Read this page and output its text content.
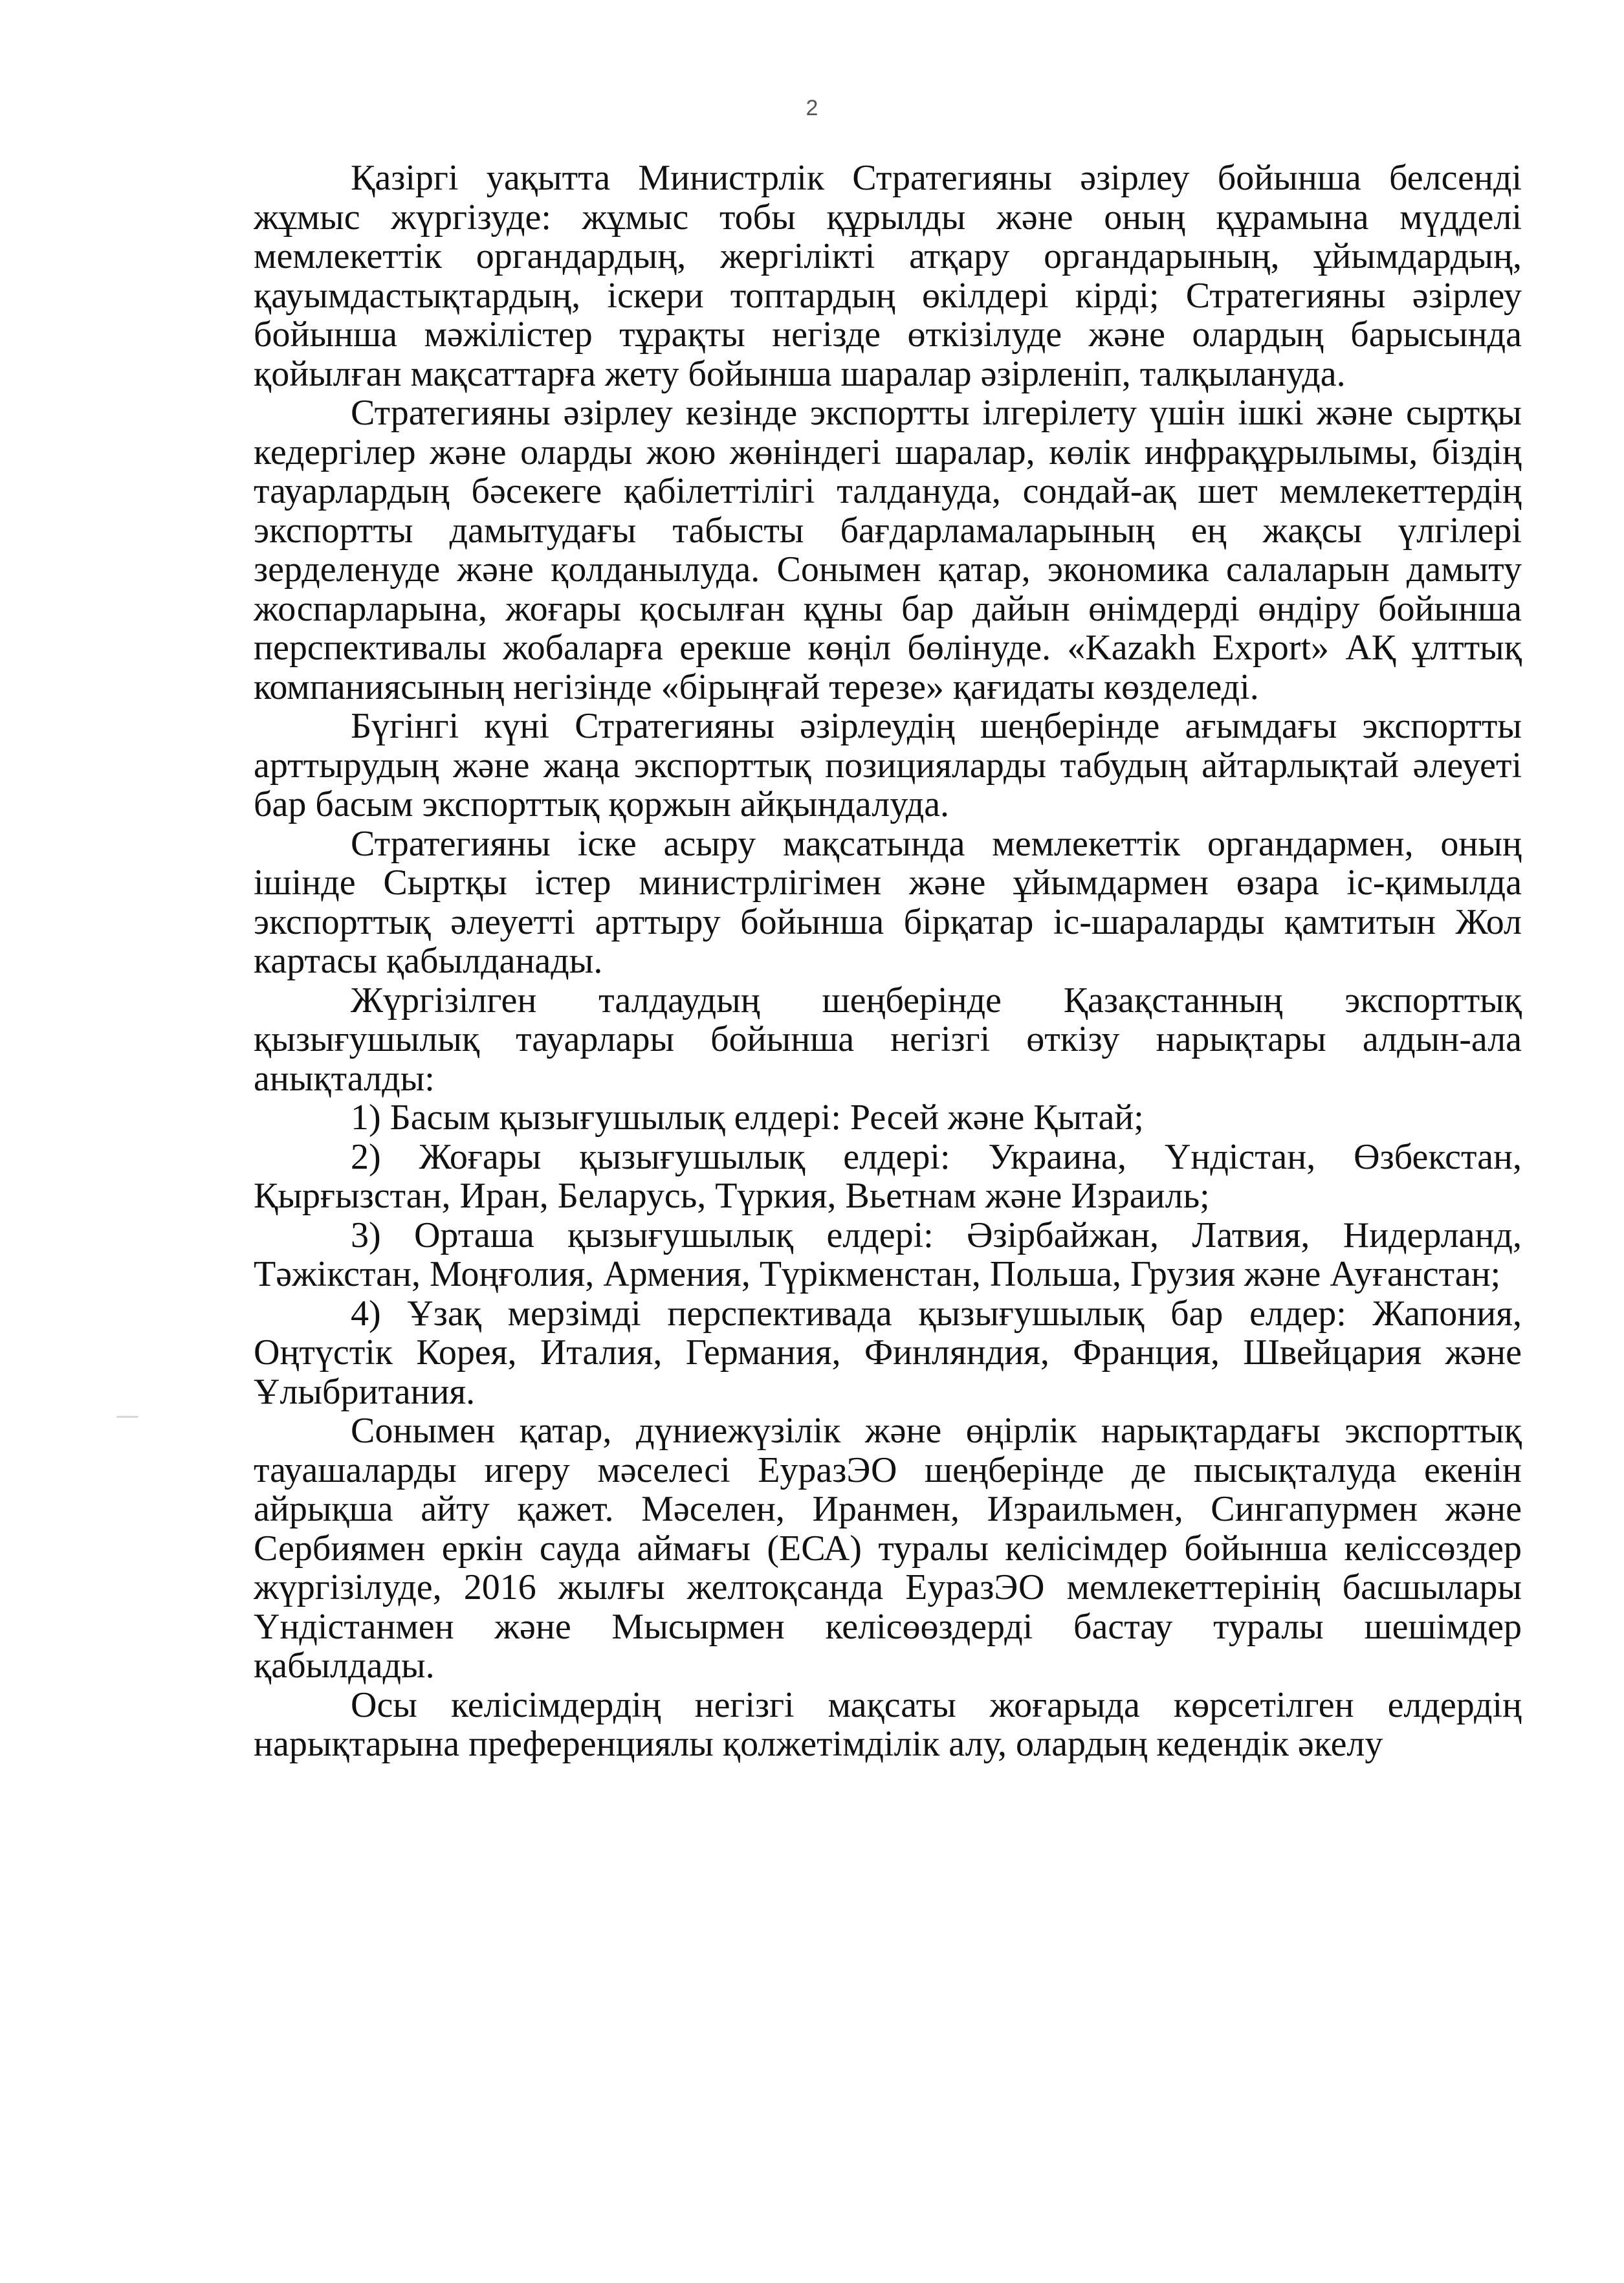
2

Қазіргі уақытта Министрлік Стратегияны әзірлеу бойынша белсенді жұмыс жүргізуде: жұмыс тобы құрылды және оның құрамына мүдделі мемлекеттік органдардың, жергілікті атқару органдарының, ұйымдардың, қауымдастықтардың, іскери топтардың өкілдері кірді; Стратегияны әзірлеу бойынша мәжілістер тұрақты негізде өткізілуде және олардың барысында қойылған мақсаттарға жету бойынша шаралар әзірленіп, талқылануда.

Стратегияны әзірлеу кезінде экспортты ілгерілету үшін ішкі және сыртқы кедергілер және оларды жою жөніндегі шаралар, көлік инфрақұрылымы, біздің тауарлардың бәсекеге қабілеттілігі талдануда, сондай-ақ шет мемлекеттердің экспортты дамытудағы табысты бағдарламаларының ең жақсы үлгілері зерделенуде және қолданылуда. Сонымен қатар, экономика салаларын дамыту жоспарларына, жоғары қосылған құны бар дайын өнімдерді өндіру бойынша перспективалы жобаларға ерекше көңіл бөлінуде. «Kazakh Export» АҚ ұлттық компаниясының негізінде «бірыңғай терезе» қағидаты көзделеді.

Бүгінгі күні Стратегияны әзірлеудің шеңберінде ағымдағы экспортты арттырудың және жаңа экспорттық позицияларды табудың айтарлықтай әлеуеті бар басым экспорттық қоржын айқындалуда.

Стратегияны іске асыру мақсатында мемлекеттік органдармен, оның ішінде Сыртқы істер министрлігімен және ұйымдармен өзара іс-қимылда экспорттық әлеуетті арттыру бойынша бірқатар іс-шараларды қамтитын Жол картасы қабылданады.

Жүргізілген талдаудың шеңберінде Қазақстанның экспорттық қызығушылық тауарлары бойынша негізгі өткізу нарықтары алдын-ала анықталды:

1) Басым қызығушылық елдері: Ресей және Қытай;

2) Жоғары қызығушылық елдері: Украина, Үндістан, Өзбекстан, Қырғызстан, Иран, Беларусь, Түркия, Вьетнам және Израиль;

3) Орташа қызығушылық елдері: Әзірбайжан, Латвия, Нидерланд, Тәжікстан, Моңғолия, Армения, Түрікменстан, Польша, Грузия және Ауғанстан;

4) Ұзақ мерзімді перспективада қызығушылық бар елдер: Жапония, Оңтүстік Корея, Италия, Германия, Финляндия, Франция, Швейцария және Ұлыбритания.

Сонымен қатар, дүниежүзілік және өңірлік нарықтардағы экспорттық тауашаларды игеру мәселесі ЕуразЭО шеңберінде де пысықталуда екенін айрықша айту қажет. Мәселен, Иранмен, Израильмен, Сингапурмен және Сербиямен еркін сауда аймағы (ЕСА) туралы келісімдер бойынша келіссөздер жүргізілуде, 2016 жылғы желтоқсанда ЕуразЭО мемлекеттерінің басшылары Үндістанмен және Мысырмен келісөөздерді бастау туралы шешімдер қабылдады.

Осы келісімдердің негізгі мақсаты жоғарыда көрсетілген елдердің нарықтарына преференциялы қолжетімділік алу, олардың кедендік әкелу
